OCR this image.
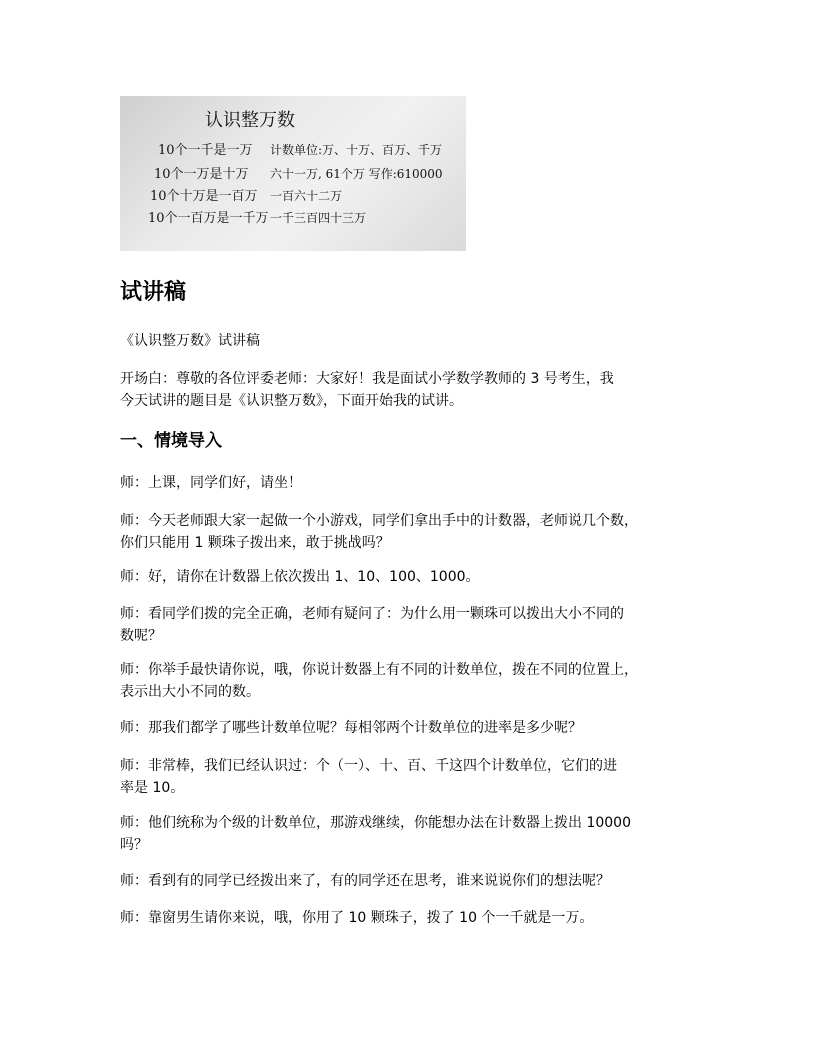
认识整万数
10个一千是一万
10个一万是十万
10个十万是一百万
10个一百万是一千万
计数单位:万、十万、百万、千万
六十一万, 61个万 写作:610000
一百六十二万
一千三百四十三万
试讲稿

《认识整万数》试讲稿

开场白：尊敬的各位评委老师：大家好！我是面试小学数学教师的 3 号考生，我
今天试讲的题目是《认识整万数》，下面开始我的试讲。

一、情境导入

师：上课，同学们好，请坐！

师：今天老师跟大家一起做一个小游戏，同学们拿出手中的计数器，老师说几个数，
你们只能用 1 颗珠子拨出来，敢于挑战吗？

师：好，请你在计数器上依次拨出 1、10、100、1000。

师：看同学们拨的完全正确，老师有疑问了：为什么用一颗珠可以拨出大小不同的
数呢？

师：你举手最快请你说，哦，你说计数器上有不同的计数单位，拨在不同的位置上，
表示出大小不同的数。

师：那我们都学了哪些计数单位呢？每相邻两个计数单位的进率是多少呢？

师：非常棒，我们已经认识过：个（一）、十、百、千这四个计数单位，它们的进
率是 10。

师：他们统称为个级的计数单位，那游戏继续，你能想办法在计数器上拨出 10000
吗？

师：看到有的同学已经拨出来了，有的同学还在思考，谁来说说你们的想法呢？

师：靠窗男生请你来说，哦，你用了 10 颗珠子，拨了 10 个一千就是一万。
